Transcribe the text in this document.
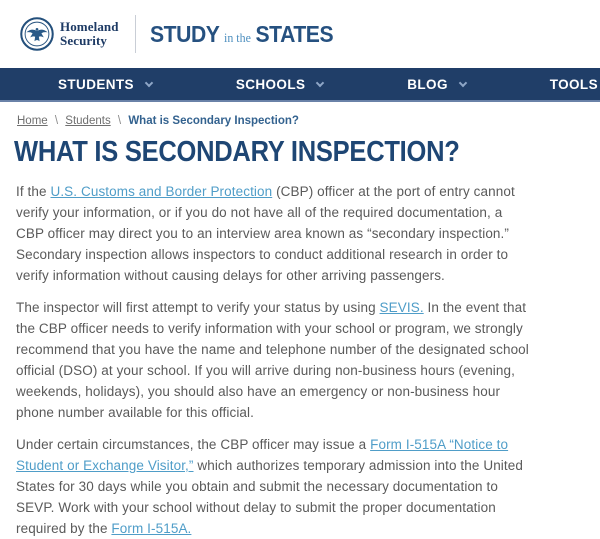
Homeland
Security	STUDY in the STATES
STUDENTS	SCHOOLS	BLOG	TOOLS
Home \ Students \ What is Secondary Inspection?
WHAT IS SECONDARY INSPECTION?

If the U.S. Customs and Border Protection (CBP) officer at the port of entry cannot verify your information, or if you do not have all of the required documentation, a CBP officer may direct you to an interview area known as “secondary inspection.” Secondary inspection allows inspectors to conduct additional research in order to verify information without causing delays for other arriving passengers.

The inspector will first attempt to verify your status by using SEVIS. In the event that the CBP officer needs to verify information with your school or program, we strongly recommend that you have the name and telephone number of the designated school official (DSO) at your school. If you will arrive during non-business hours (evening, weekends, holidays), you should also have an emergency or non-business hour phone number available for this official.

Under certain circumstances, the CBP officer may issue a Form I-515A “Notice to Student or Exchange Visitor,” which authorizes temporary admission into the United States for 30 days while you obtain and submit the necessary documentation to SEVP. Work with your school without delay to submit the proper documentation required by the Form I-515A.
